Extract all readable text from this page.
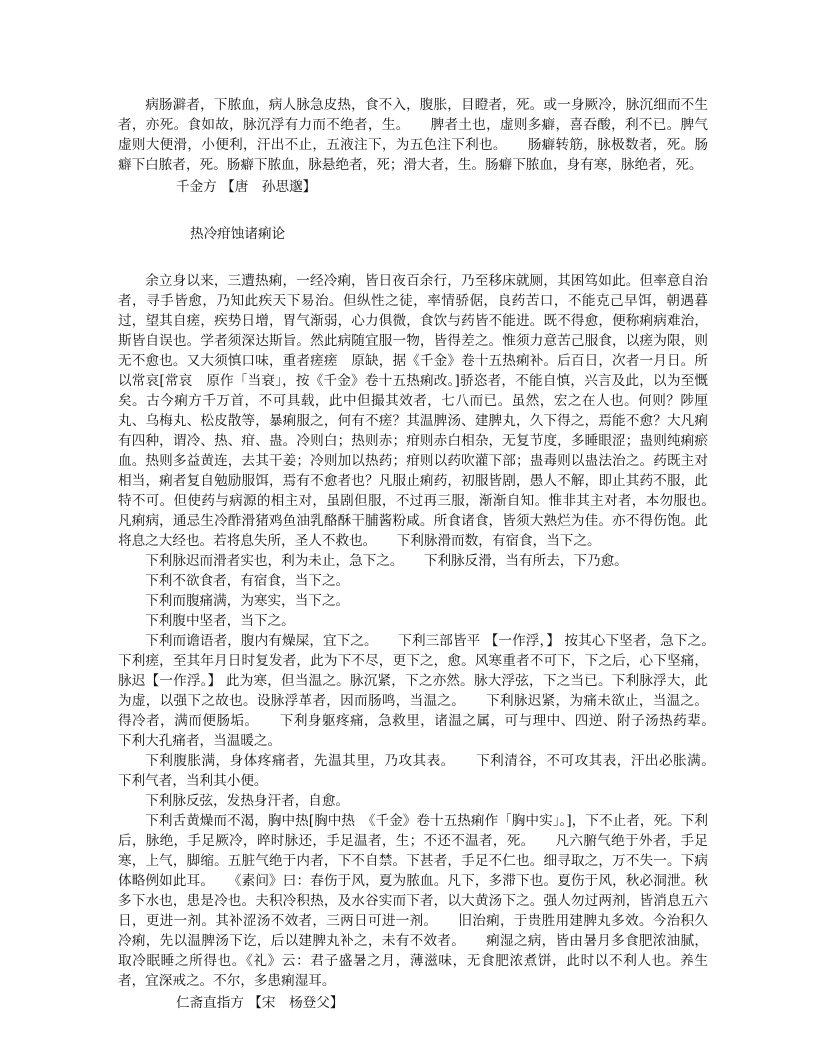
病肠澼者，下脓血，病人脉急皮热，食不入，腹胀，目瞪者，死。或一身厥冷，脉沉细而不生者，亦死。食如故，脉沉浮有力而不绝者，生。　　脾者土也，虚则多癖，喜吞酸，利不已。脾气虚则大便滑，小便利，汗出不止，五液注下，为五色注下利也。　　肠癖转筋，脉极数者，死。肠癖下白脓者，死。肠癖下脓血，脉悬绝者，死；滑大者，生。肠癖下脓血，身有寒，脉绝者，死。

千金方 【唐　孙思邈】

热冷疳蚀诸痢论

余立身以来，三遭热痢，一经冷痢，皆日夜百余行，乃至移床就厕，其困笃如此。但率意自治者，寻手皆愈，乃知此疾天下易治。但纵性之徒，率情骄倨，良药苦口，不能克己早饵，朝遇暮过，望其自瘥，疾势日增，胃气渐弱，心力俱微，食饮与药皆不能进。既不得愈，便称痢病难治，斯皆自误也。学者须深达斯旨。然此病随宜服一物，皆得差之。惟须力意苦己服食，以瘥为限，则无不愈也。又大须慎口味，重者瘥瘥　原缺，据《千金》卷十五热痢补。后百日，次者一月日。所以常哀[常哀　原作「当衰」，按《千金》卷十五热痢改。]骄恣者，不能自慎，兴言及此，以为至慨矣。古今痢方千万首，不可具载，此中但撮其效者，七八而已。虽然，宏之在人也。何则？陟厘丸、乌梅丸、松皮散等，暴痢服之，何有不瘥？其温脾汤、建脾丸，久下得之，焉能不愈？大凡痢有四种，谓冷、热、疳、蛊。冷则白；热则赤；疳则赤白相杂，无复节度，多睡眼涩；蛊则纯痢瘀血。热则多益黄连，去其干姜；冷则加以热药；疳则以药吹灌下部；蛊毒则以蛊法治之。药既主对相当，痢者复自勉励服饵，焉有不愈者也？凡服止痢药，初服皆剧，愚人不解，即止其药不服，此特不可。但使药与病源的相主对，虽剧但服，不过再三服，渐渐自知。惟非其主对者，本勿服也。　　凡痢病，通忌生冷酢滑猪鸡鱼油乳酪酥干脯酱粉咸。所食诸食，皆须大熟烂为佳。亦不得伤饱。此将息之大经也。若将息失所，圣人不救也。　　下利脉滑而数，有宿食，当下之。

下利脉迟而滑者实也，利为未止，急下之。　　下利脉反滑，当有所去，下乃愈。

下利不欲食者，有宿食，当下之。

下利而腹痛满，为寒实，当下之。

下利腹中坚者，当下之。

下利而谵语者，腹内有燥屎，宜下之。　　下利三部皆平 【一作浮，】 按其心下坚者，急下之。　　下利瘥，至其年月日时复发者，此为下不尽，更下之，愈。风寒重者不可下，下之后，心下坚痛，脉迟【一作浮。】 此为寒，但当温之。脉沉紧，下之亦然。脉大浮弦，下之当已。下利脉浮大，此为虚，以强下之故也。设脉浮革者，因而肠鸣，当温之。　　下利脉迟紧，为痛未欲止，当温之。得冷者，满而便肠垢。　　下利身躯疼痛，急救里，诸温之属，可与理中、四逆、附子汤热药辈。　　下利大孔痛者，当温暖之。

下利腹胀满，身体疼痛者，先温其里，乃攻其表。　　下利清谷，不可攻其表，汗出必胀满。　　下利气者，当利其小便。

下利脉反弦，发热身汗者，自愈。

下利舌黄燥而不渴，胸中热[胸中热　《千金》卷十五热痢作「胸中实」。]，下不止者，死。下利后，脉绝，手足厥冷，晬时脉还，手足温者，生；不还不温者，死。　　凡六腑气绝于外者，手足寒，上气，脚缩。五脏气绝于内者，下不自禁。下甚者，手足不仁也。细寻取之，万不失一。下病体略例如此耳。　　《素问》曰：春伤于风，夏为脓血。凡下，多滞下也。夏伤于风，秋必洞泄。秋多下水也，患是冷也。夫积冷积热，及水谷实而下者，以大黄汤下之。强人勿过两剂，皆消息五六日，更进一剂。其补涩汤不效者，三两日可进一剂。　　旧治痢，于贵胜用建脾丸多效。今治积久冷痢，先以温脾汤下讫，后以建脾丸补之，未有不效者。　　痢湿之病，皆由暑月多食肥浓油腻，取冷眠睡之所得也。《礼》云：君子盛暑之月，薄滋味，无食肥浓煮饼，此时以不利人也。养生者，宜深戒之。不尔，多患痢湿耳。

仁斋直指方 【宋　杨登父】
